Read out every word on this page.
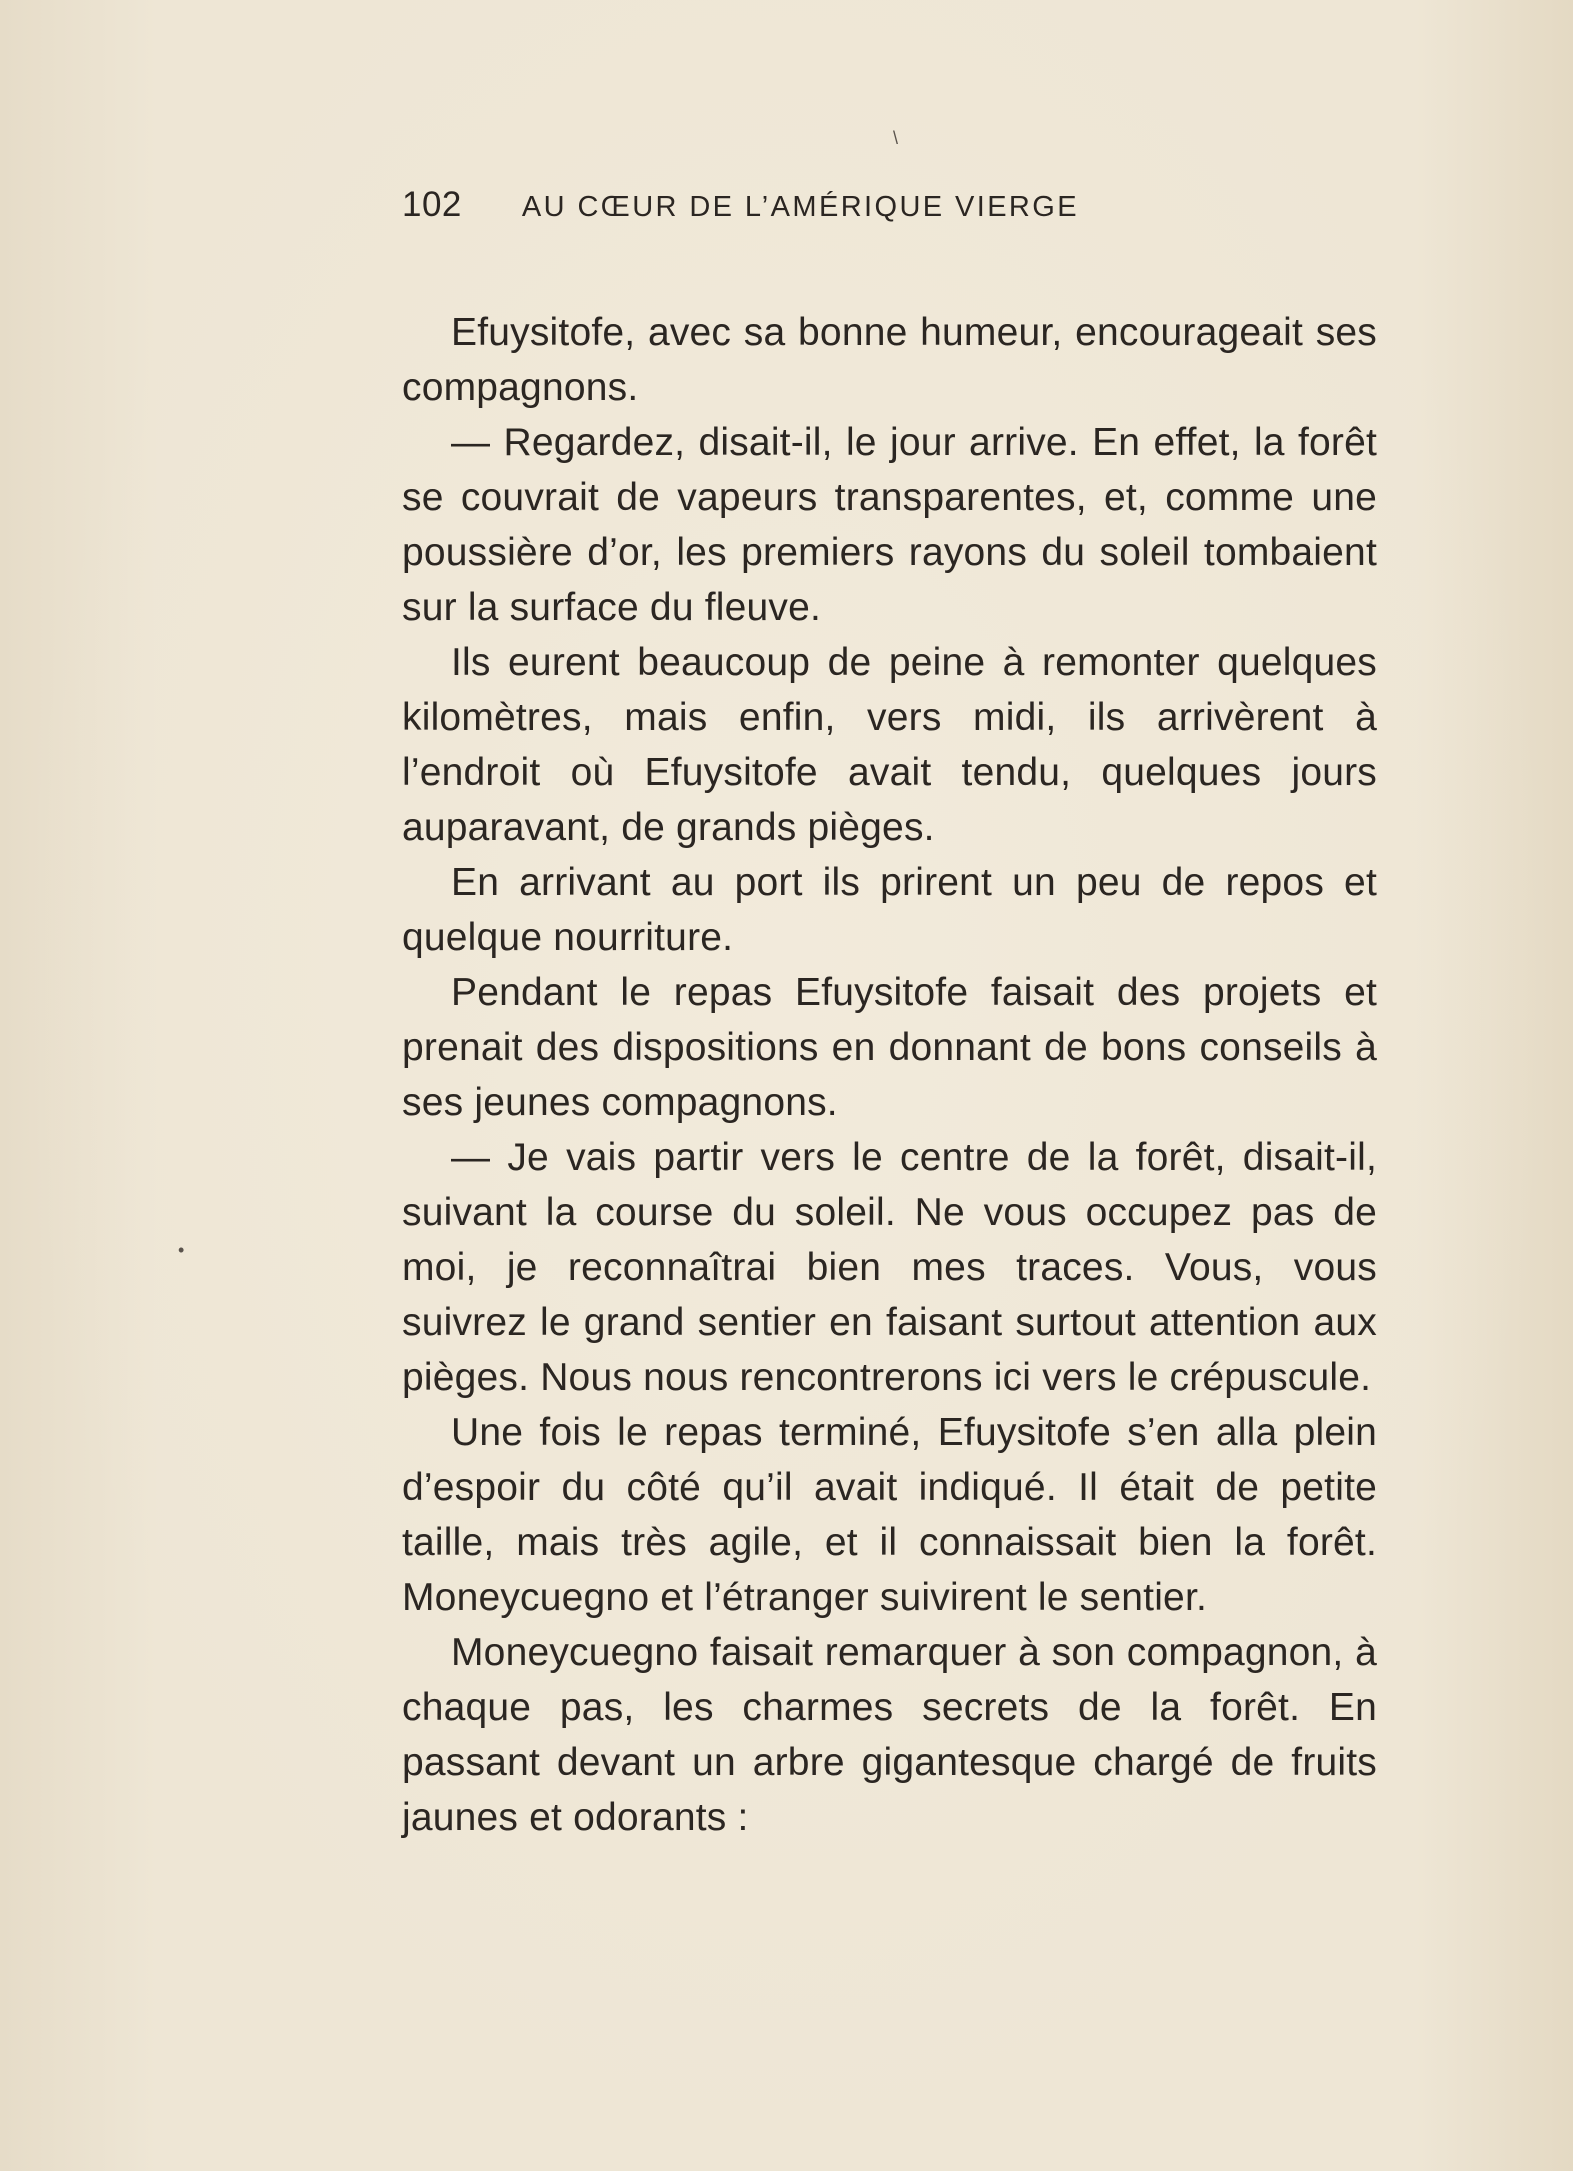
\
•
102 AU CŒUR DE L’AMÉRIQUE VIERGE

Efuysitofe, avec sa bonne humeur, encourageait ses compagnons.

— Regardez, disait-il, le jour arrive. En effet, la forêt se couvrait de vapeurs transparentes, et, comme une poussière d’or, les premiers rayons du soleil tombaient sur la surface du fleuve.

Ils eurent beaucoup de peine à remonter quelques kilomètres, mais enfin, vers midi, ils arrivèrent à l’endroit où Efuysitofe avait tendu, quelques jours auparavant, de grands pièges.

En arrivant au port ils prirent un peu de repos et quelque nourriture.

Pendant le repas Efuysitofe faisait des projets et prenait des dispositions en donnant de bons conseils à ses jeunes compagnons.

— Je vais partir vers le centre de la forêt, disait-il, suivant la course du soleil. Ne vous occupez pas de moi, je reconnaîtrai bien mes traces. Vous, vous suivrez le grand sentier en faisant surtout attention aux pièges. Nous nous rencontrerons ici vers le crépuscule.

Une fois le repas terminé, Efuysitofe s’en alla plein d’espoir du côté qu’il avait indiqué. Il était de petite taille, mais très agile, et il connaissait bien la forêt. Moneycuegno et l’étranger suivirent le sentier.

Moneycuegno faisait remarquer à son compagnon, à chaque pas, les charmes secrets de la forêt. En passant devant un arbre gigantesque chargé de fruits jaunes et odorants :
